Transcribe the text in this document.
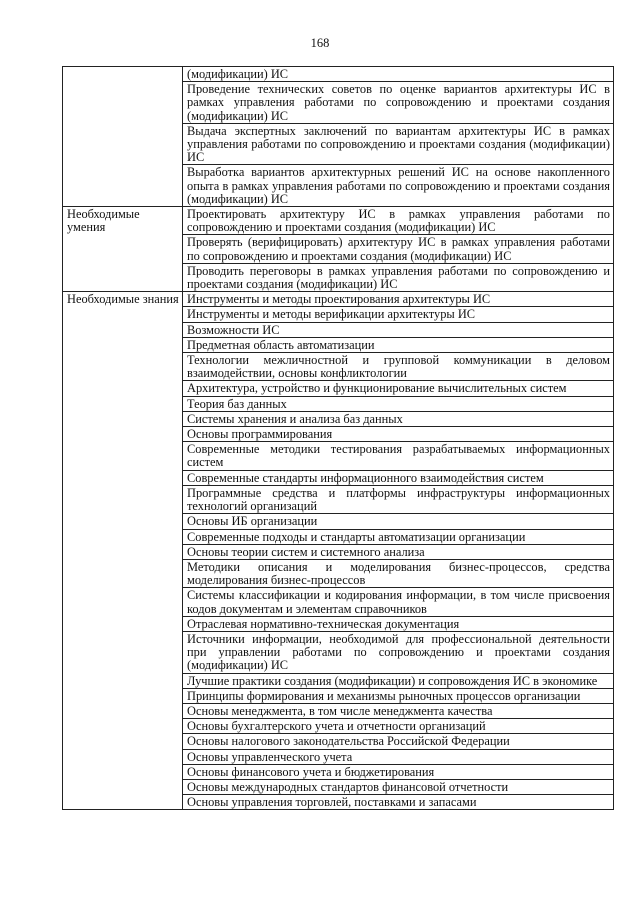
168
	(модификации) ИС
	Проведение технических советов по оценке вариантов архитектуры ИС в рамках управления работами по сопровождению и проектами создания (модификации) ИС
	Выдача экспертных заключений по вариантам архитектуры ИС в рамках управления работами по сопровождению и проектами создания (модификации) ИС
	Выработка вариантов архитектурных решений ИС на основе накопленного опыта в рамках управления работами по сопровождению и проектами создания (модификации) ИС
Необходимые умения	Проектировать архитектуру ИС в рамках управления работами по сопровождению и проектами создания (модификации) ИС
	Проверять (верифицировать) архитектуру ИС в рамках управления работами по сопровождению и проектами создания (модификации) ИС
	Проводить переговоры в рамках управления работами по сопровождению и проектами создания (модификации) ИС
Необходимые знания	Инструменты и методы проектирования архитектуры ИС
	Инструменты и методы верификации архитектуры ИС
	Возможности ИС
	Предметная область автоматизации
	Технологии межличностной и групповой коммуникации в деловом взаимодействии, основы конфликтологии
	Архитектура, устройство и функционирование вычислительных систем
	Теория баз данных
	Системы хранения и анализа баз данных
	Основы программирования
	Современные методики тестирования разрабатываемых информационных систем
	Современные стандарты информационного взаимодействия систем
	Программные средства и платформы инфраструктуры информационных технологий организаций
	Основы ИБ организации
	Современные подходы и стандарты автоматизации организации
	Основы теории систем и системного анализа
	Методики описания и моделирования бизнес-процессов, средства моделирования бизнес-процессов
	Системы классификации и кодирования информации, в том числе присвоения кодов документам и элементам справочников
	Отраслевая нормативно-техническая документация
	Источники информации, необходимой для профессиональной деятельности при управлении работами по сопровождению и проектами создания (модификации) ИС
	Лучшие практики создания (модификации) и сопровождения ИС в экономике
	Принципы формирования и механизмы рыночных процессов организации
	Основы менеджмента, в том числе менеджмента качества
	Основы бухгалтерского учета и отчетности организаций
	Основы налогового законодательства Российской Федерации
	Основы управленческого учета
	Основы финансового учета и бюджетирования
	Основы международных стандартов финансовой отчетности
	Основы управления торговлей, поставками и запасами
